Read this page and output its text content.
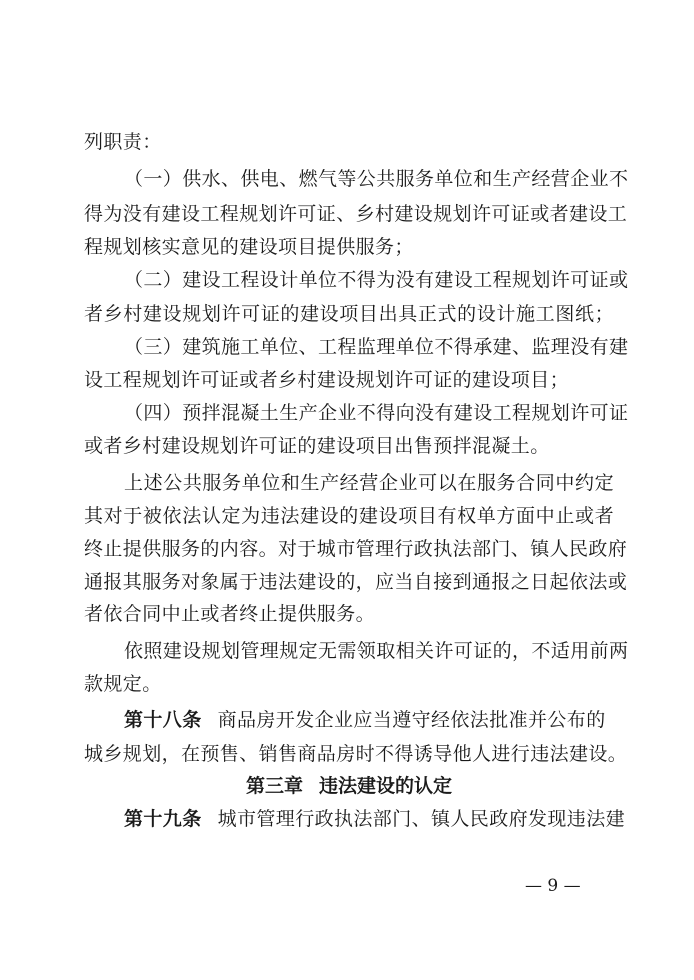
列职责：
（一）供水、供电、燃气等公共服务单位和生产经营企业不
得为没有建设工程规划许可证、乡村建设规划许可证或者建设工
程规划核实意见的建设项目提供服务；
（二）建设工程设计单位不得为没有建设工程规划许可证或
者乡村建设规划许可证的建设项目出具正式的设计施工图纸；
（三）建筑施工单位、工程监理单位不得承建、监理没有建
设工程规划许可证或者乡村建设规划许可证的建设项目；
（四）预拌混凝土生产企业不得向没有建设工程规划许可证
或者乡村建设规划许可证的建设项目出售预拌混凝土。
上述公共服务单位和生产经营企业可以在服务合同中约定
其对于被依法认定为违法建设的建设项目有权单方面中止或者
终止提供服务的内容。对于城市管理行政执法部门、镇人民政府
通报其服务对象属于违法建设的，应当自接到通报之日起依法或
者依合同中止或者终止提供服务。
依照建设规划管理规定无需领取相关许可证的，不适用前两
款规定。
第十八条 商品房开发企业应当遵守经依法批准并公布的
城乡规划，在预售、销售商品房时不得诱导他人进行违法建设。
第三章 违法建设的认定
第十九条 城市管理行政执法部门、镇人民政府发现违法建
— 9 —
